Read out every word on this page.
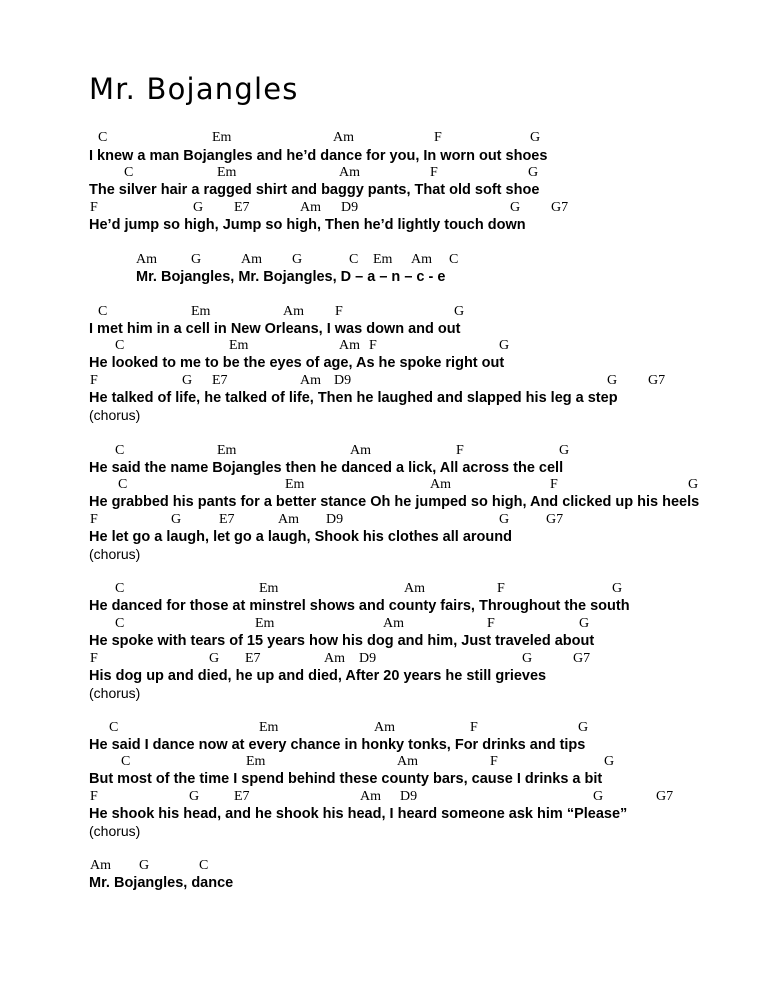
Mr. Bojangles
C	Em	Am	F	G
I knew a man Bojangles and he’d dance for you, In worn out shoes
C	Em	Am	F	G
The silver hair a ragged shirt and baggy pants, That old soft shoe
F	G E7	Am D9	G G7
He’d jump so high, Jump so high, Then he’d lightly touch down
Am G	Am G	C Em Am C
Mr. Bojangles, Mr. Bojangles, D – a – n – c - e
C	Em	Am F	G
I met him in a cell in New Orleans, I was down and out
C	Em	Am F	G
He looked to me to be the eyes of age, As he spoke right out
F	G E7	Am D9	G G7
He talked of life, he talked of life, Then he laughed and slapped his leg a step
(chorus)
C	Em	Am	F	G
He said the name Bojangles then he danced a lick, All across the cell
C	Em	Am	F	G
He grabbed his pants for a better stance Oh he jumped so high, And clicked up his heels
F	G	E7	Am D9	G	G7
He let go a laugh, let go a laugh, Shook his clothes all around
(chorus)
C	Em	Am	F	G
He danced for those at minstrel shows and county fairs, Throughout the south
C	Em	Am	F	G
He spoke with tears of 15 years how his dog and him, Just traveled about
F	G E7	Am D9	G	G7
His dog up and died, he up and died, After 20 years he still grieves
(chorus)
C	Em	Am	F	G
He said I dance now at every chance in honky tonks, For drinks and tips
C	Em	Am	F	G
But most of the time I spend behind these county bars, cause I drinks a bit
F	G E7	Am D9	G	G7
He shook his head, and he shook his head, I heard someone ask him “Please”
(chorus)
Am G	C
Mr. Bojangles, dance
